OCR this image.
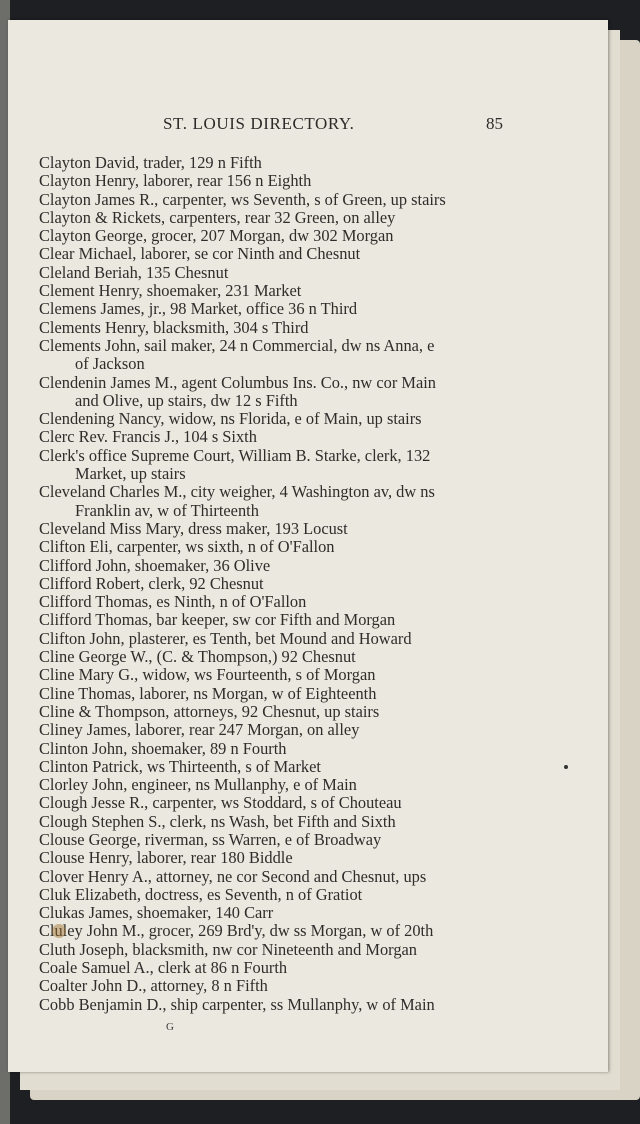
ST. LOUIS DIRECTORY.	85
Clayton David, trader, 129 n Fifth
Clayton Henry, laborer, rear 156 n Eighth
Clayton James R., carpenter, ws Seventh, s of Green, up stairs
Clayton & Rickets, carpenters, rear 32 Green, on alley
Clayton George, grocer, 207 Morgan, dw 302 Morgan
Clear Michael, laborer, se cor Ninth and Chesnut
Cleland Beriah, 135 Chesnut
Clement Henry, shoemaker, 231 Market
Clemens James, jr., 98 Market, office 36 n Third
Clements Henry, blacksmith, 304 s Third
Clements John, sail maker, 24 n Commercial, dw ns Anna, e
of Jackson
Clendenin James M., agent Columbus Ins. Co., nw cor Main
and Olive, up stairs, dw 12 s Fifth
Clendening Nancy, widow, ns Florida, e of Main, up stairs
Clerc Rev. Francis J., 104 s Sixth
Clerk's office Supreme Court, William B. Starke, clerk, 132
Market, up stairs
Cleveland Charles M., city weigher, 4 Washington av, dw ns
Franklin av, w of Thirteenth
Cleveland Miss Mary, dress maker, 193 Locust
Clifton Eli, carpenter, ws sixth, n of O'Fallon
Clifford John, shoemaker, 36 Olive
Clifford Robert, clerk, 92 Chesnut
Clifford Thomas, es Ninth, n of O'Fallon
Clifford Thomas, bar keeper, sw cor Fifth and Morgan
Clifton John, plasterer, es Tenth, bet Mound and Howard
Cline George W., (C. & Thompson,) 92 Chesnut
Cline Mary G., widow, ws Fourteenth, s of Morgan
Cline Thomas, laborer, ns Morgan, w of Eighteenth
Cline & Thompson, attorneys, 92 Chesnut, up stairs
Cliney James, laborer, rear 247 Morgan, on alley
Clinton John, shoemaker, 89 n Fourth
Clinton Patrick, ws Thirteenth, s of Market
Clorley John, engineer, ns Mullanphy, e of Main
Clough Jesse R., carpenter, ws Stoddard, s of Chouteau
Clough Stephen S., clerk, ns Wash, bet Fifth and Sixth
Clouse George, riverman, ss Warren, e of Broadway
Clouse Henry, laborer, rear 180 Biddle
Clover Henry A., attorney, ne cor Second and Chesnut, ups
Cluk Elizabeth, doctress, es Seventh, n of Gratiot
Clukas James, shoemaker, 140 Carr
Cluley John M., grocer, 269 Brd'y, dw ss Morgan, w of 20th
Cluth Joseph, blacksmith, nw cor Nineteenth and Morgan
Coale Samuel A., clerk at 86 n Fourth
Coalter John D., attorney, 8 n Fifth
Cobb Benjamin D., ship carpenter, ss Mullanphy, w of Main
G
